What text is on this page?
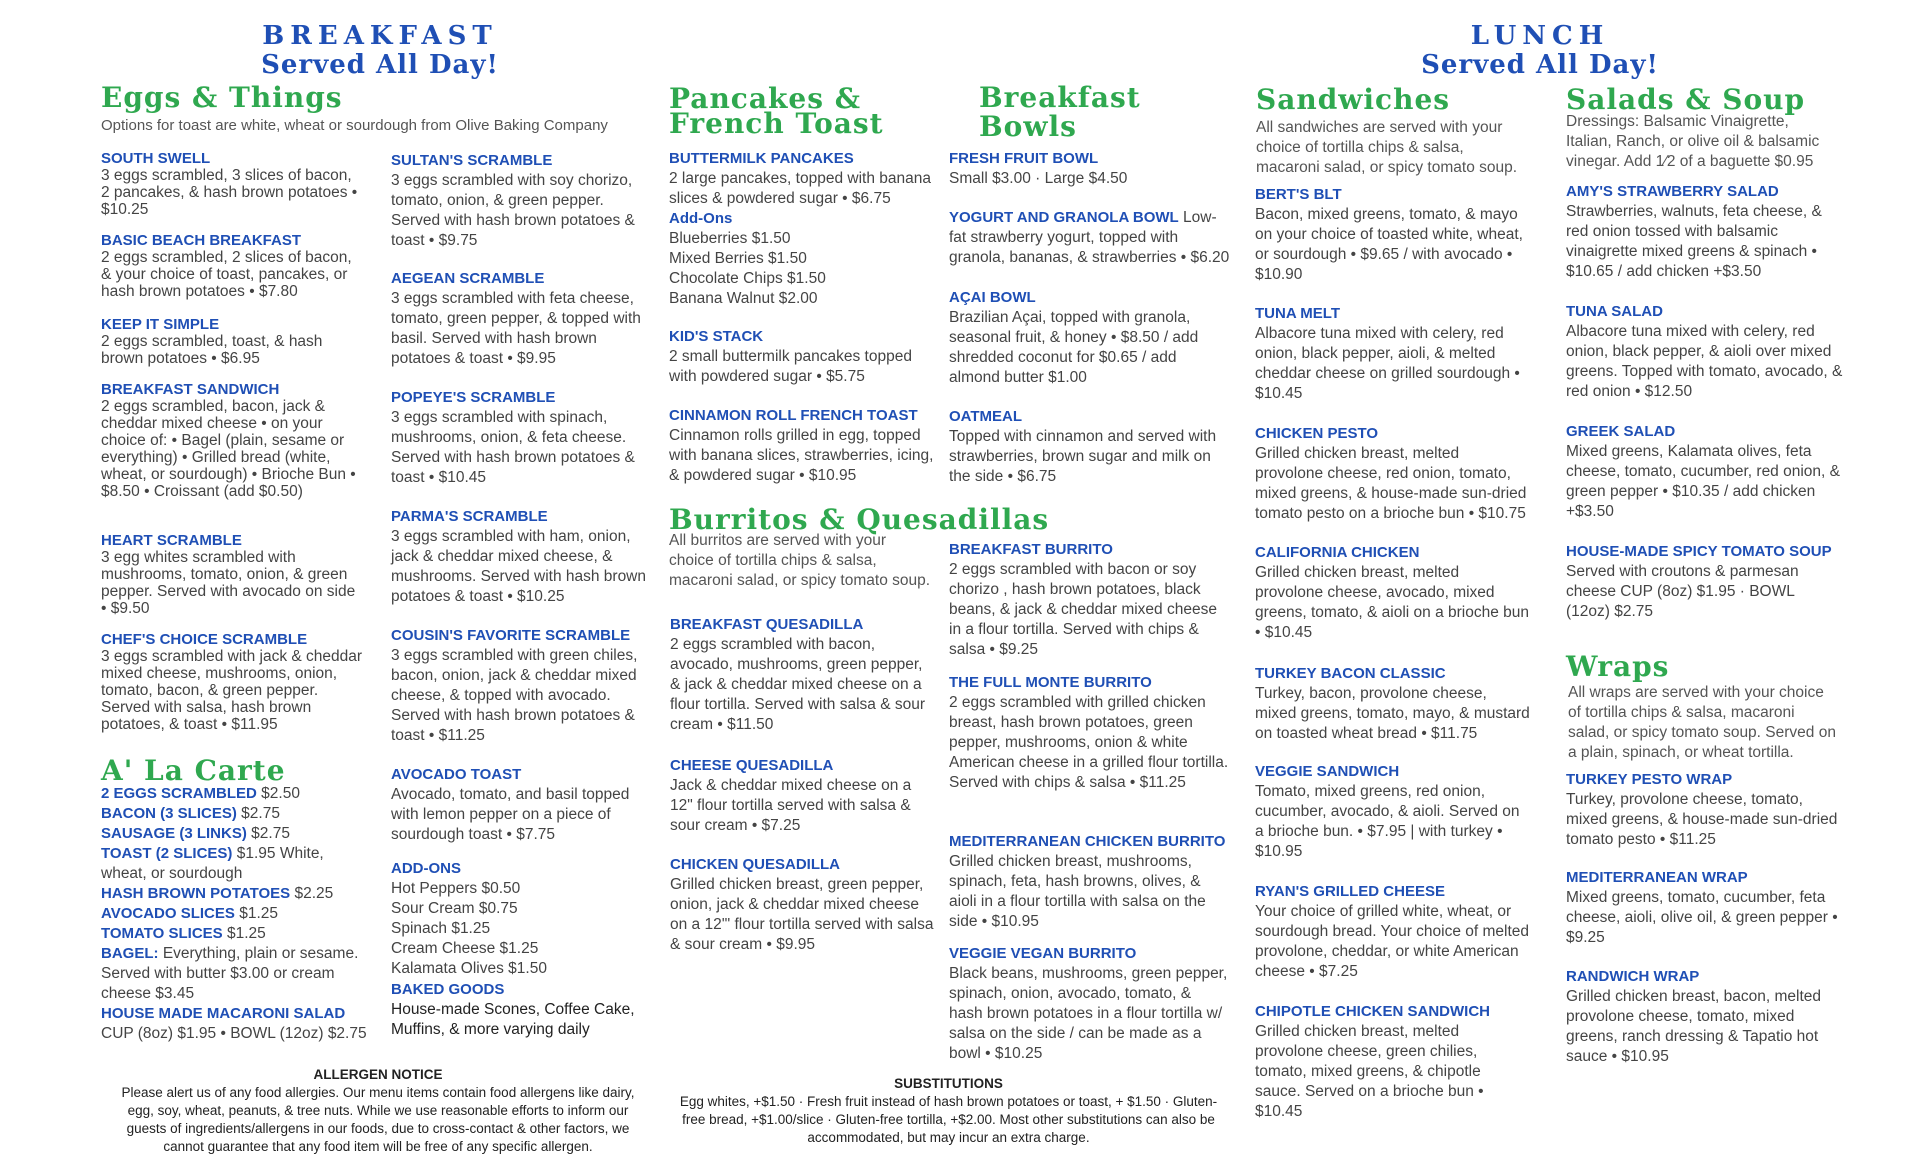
BREAKFAST
Served All Day!
LUNCH
Served All Day!
Eggs & Things
Options for toast are white, wheat or sourdough from Olive Baking Company
SOUTH SWELL
3 eggs scrambled, 3 slices of bacon, 2 pancakes, & hash brown potatoes • $10.25
BASIC BEACH BREAKFAST
2 eggs scrambled, 2 slices of bacon, & your choice of toast, pancakes, or hash brown potatoes • $7.80
KEEP IT SIMPLE
2 eggs scrambled, toast, & hash brown potatoes • $6.95
BREAKFAST SANDWICH
2 eggs scrambled, bacon, jack & cheddar mixed cheese • on your choice of: • Bagel (plain, sesame or everything) • Grilled bread (white, wheat, or sourdough) • Brioche Bun • $8.50 • Croissant (add $0.50)
HEART SCRAMBLE
3 egg whites scrambled with mushrooms, tomato, onion, & green pepper. Served with avocado on side • $9.50
CHEF'S CHOICE SCRAMBLE
3 eggs scrambled with jack & cheddar mixed cheese, mushrooms, onion, tomato, bacon, & green pepper. Served with salsa, hash brown potatoes, & toast • $11.95
SULTAN'S SCRAMBLE
3 eggs scrambled with soy chorizo, tomato, onion, & green pepper. Served with hash brown potatoes & toast • $9.75
AEGEAN SCRAMBLE
3 eggs scrambled with feta cheese, tomato, green pepper, & topped with basil. Served with hash brown potatoes & toast • $9.95
POPEYE'S SCRAMBLE
3 eggs scrambled with spinach, mushrooms, onion, & feta cheese. Served with hash brown potatoes & toast • $10.45
PARMA'S SCRAMBLE
3 eggs scrambled with ham, onion, jack & cheddar mixed cheese, & mushrooms. Served with hash brown potatoes & toast • $10.25
COUSIN'S FAVORITE SCRAMBLE
3 eggs scrambled with green chiles, bacon, onion, jack & cheddar mixed cheese, & topped with avocado. Served with hash brown potatoes & toast • $11.25
AVOCADO TOAST
Avocado, tomato, and basil topped with lemon pepper on a piece of sourdough toast • $7.75
ADD-ONS
Hot Peppers $0.50
Sour Cream $0.75
Spinach $1.25
Cream Cheese $1.25
Kalamata Olives $1.50
BAKED GOODS
House-made Scones, Coffee Cake, Muffins, & more varying daily
A' La Carte
2 EGGS SCRAMBLED $2.50
BACON (3 SLICES) $2.75
SAUSAGE (3 LINKS) $2.75
TOAST (2 SLICES) $1.95 White, wheat, or sourdough
HASH BROWN POTATOES $2.25
AVOCADO SLICES $1.25
TOMATO SLICES $1.25
BAGEL: Everything, plain or sesame. Served with butter $3.00 or cream cheese $3.45
HOUSE MADE MACARONI SALAD
CUP (8oz) $1.95 • BOWL (12oz) $2.75
Pancakes &
French Toast
BUTTERMILK PANCAKES
2 large pancakes, topped with banana slices & powdered sugar • $6.75
Add-Ons
Blueberries $1.50
Mixed Berries $1.50
Chocolate Chips $1.50
Banana Walnut $2.00
KID'S STACK
2 small buttermilk pancakes topped with powdered sugar • $5.75
CINNAMON ROLL FRENCH TOAST
Cinnamon rolls grilled in egg, topped with banana slices, strawberries, icing, & powdered sugar • $10.95
Breakfast
Bowls
FRESH FRUIT BOWL
Small $3.00 · Large $4.50
YOGURT AND GRANOLA BOWL Low-fat strawberry yogurt, topped with granola, bananas, & strawberries • $6.20
AÇAI BOWL
Brazilian Açai, topped with granola, seasonal fruit, & honey • $8.50 / add shredded coconut for $0.65 / add almond butter $1.00
OATMEAL
Topped with cinnamon and served with strawberries, brown sugar and milk on the side • $6.75
Burritos & Quesadillas
All burritos are served with your choice of tortilla chips & salsa, macaroni salad, or spicy tomato soup.
BREAKFAST QUESADILLA
2 eggs scrambled with bacon, avocado, mushrooms, green pepper, & jack & cheddar mixed cheese on a flour tortilla. Served with salsa & sour cream • $11.50
CHEESE QUESADILLA
Jack & cheddar mixed cheese on a 12" flour tortilla served with salsa & sour cream • $7.25
CHICKEN QUESADILLA
Grilled chicken breast, green pepper, onion, jack & cheddar mixed cheese on a 12'" flour tortilla served with salsa & sour cream • $9.95
BREAKFAST BURRITO
2 eggs scrambled with bacon or soy chorizo , hash brown potatoes, black beans, & jack & cheddar mixed cheese in a flour tortilla. Served with chips & salsa • $9.25
THE FULL MONTE BURRITO
2 eggs scrambled with grilled chicken breast, hash brown potatoes, green pepper, mushrooms, onion & white American cheese in a grilled flour tortilla. Served with chips & salsa • $11.25
MEDITERRANEAN CHICKEN BURRITO
Grilled chicken breast, mushrooms, spinach, feta, hash browns, olives, & aioli in a flour tortilla with salsa on the side • $10.95
VEGGIE VEGAN BURRITO
Black beans, mushrooms, green pepper, spinach, onion, avocado, tomato, & hash brown potatoes in a flour tortilla w/ salsa on the side / can be made as a bowl • $10.25
Sandwiches
All sandwiches are served with your choice of tortilla chips & salsa, macaroni salad, or spicy tomato soup.
BERT'S BLT
Bacon, mixed greens, tomato, & mayo on your choice of toasted white, wheat, or sourdough • $9.65 / with avocado • $10.90
TUNA MELT
Albacore tuna mixed with celery, red onion, black pepper, aioli, & melted cheddar cheese on grilled sourdough • $10.45
CHICKEN PESTO
Grilled chicken breast, melted provolone cheese, red onion, tomato, mixed greens, & house-made sun-dried tomato pesto on a brioche bun • $10.75
CALIFORNIA CHICKEN
Grilled chicken breast, melted provolone cheese, avocado, mixed greens, tomato, & aioli on a brioche bun • $10.45
TURKEY BACON CLASSIC
Turkey, bacon, provolone cheese, mixed greens, tomato, mayo, & mustard on toasted wheat bread • $11.75
VEGGIE SANDWICH
Tomato, mixed greens, red onion, cucumber, avocado, & aioli. Served on a brioche bun. • $7.95 | with turkey • $10.95
RYAN'S GRILLED CHEESE
Your choice of grilled white, wheat, or sourdough bread. Your choice of melted provolone, cheddar, or white American cheese • $7.25
CHIPOTLE CHICKEN SANDWICH
Grilled chicken breast, melted provolone cheese, green chilies, tomato, mixed greens, & chipotle sauce. Served on a brioche bun • $10.45
Salads & Soup
Dressings: Balsamic Vinaigrette, Italian, Ranch, or olive oil & balsamic vinegar. Add 1⁄2 of a baguette $0.95
AMY'S STRAWBERRY SALAD
Strawberries, walnuts, feta cheese, & red onion tossed with balsamic vinaigrette mixed greens & spinach • $10.65 / add chicken +$3.50
TUNA SALAD
Albacore tuna mixed with celery, red onion, black pepper, & aioli over mixed greens. Topped with tomato, avocado, & red onion • $12.50
GREEK SALAD
Mixed greens, Kalamata olives, feta cheese, tomato, cucumber, red onion, & green pepper • $10.35 / add chicken +$3.50
HOUSE-MADE SPICY TOMATO SOUP
Served with croutons & parmesan cheese CUP (8oz) $1.95 · BOWL (12oz) $2.75
Wraps
All wraps are served with your choice of tortilla chips & salsa, macaroni salad, or spicy tomato soup. Served on a plain, spinach, or wheat tortilla.
TURKEY PESTO WRAP
Turkey, provolone cheese, tomato, mixed greens, & house-made sun-dried tomato pesto • $11.25
MEDITERRANEAN WRAP
Mixed greens, tomato, cucumber, feta cheese, aioli, olive oil, & green pepper • $9.25
RANDWICH WRAP
Grilled chicken breast, bacon, melted provolone cheese, tomato, mixed greens, ranch dressing & Tapatio hot sauce • $10.95
ALLERGEN NOTICE
Please alert us of any food allergies. Our menu items contain food allergens like dairy, egg, soy, wheat, peanuts, & tree nuts. While we use reasonable efforts to inform our guests of ingredients/allergens in our foods, due to cross-contact & other factors, we cannot guarantee that any food item will be free of any specific allergen.
SUBSTITUTIONS
Egg whites, +$1.50 · Fresh fruit instead of hash brown potatoes or toast, + $1.50 · Gluten-free bread, +$1.00/slice · Gluten-free tortilla, +$2.00. Most other substitutions can also be accommodated, but may incur an extra charge.
